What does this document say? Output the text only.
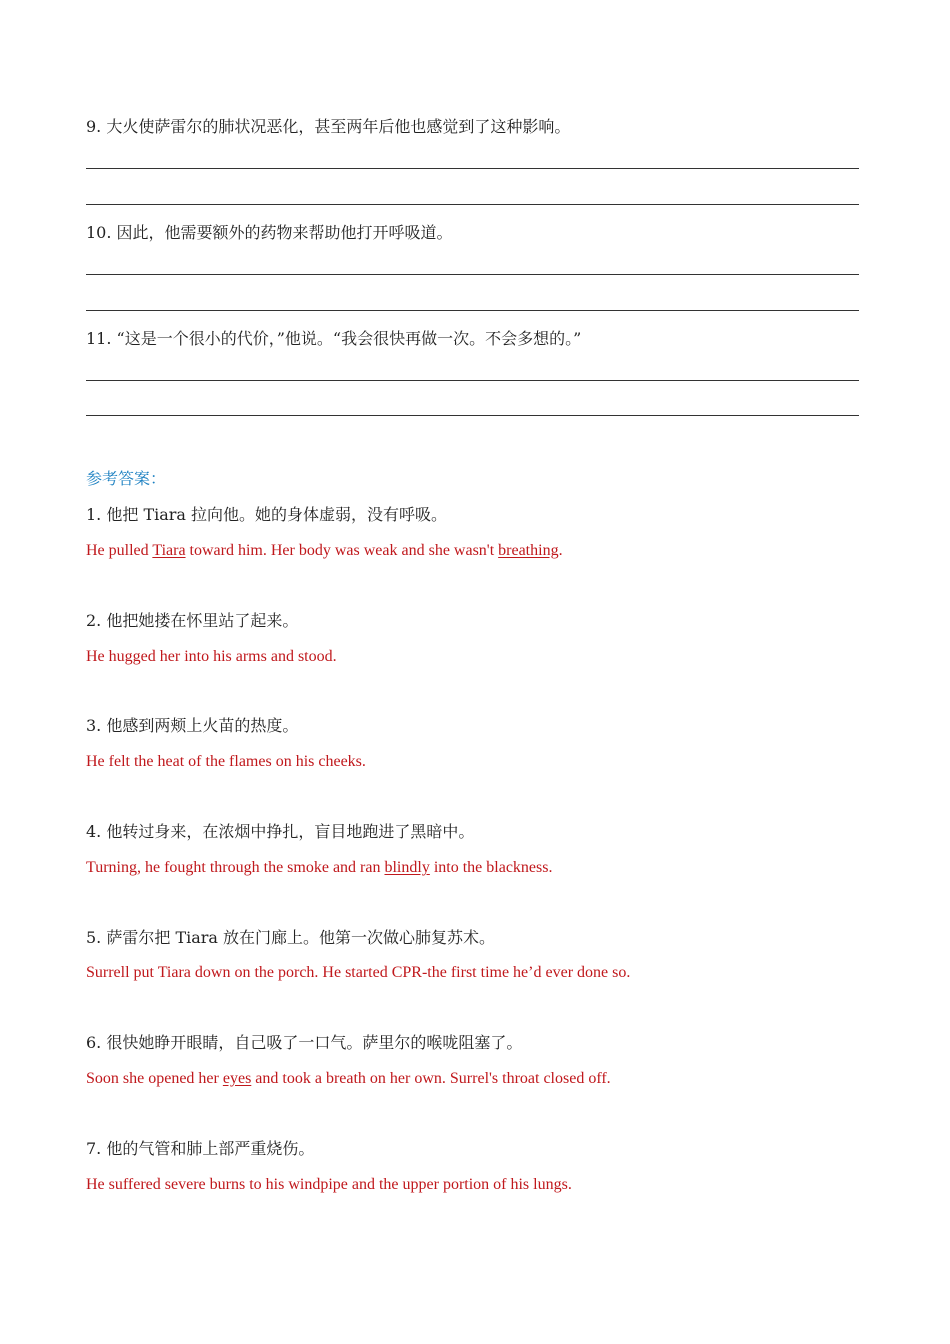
9. 大火使萨雷尔的肺状况恶化，甚至两年后他也感觉到了这种影响。
10. 因此，他需要额外的药物来帮助他打开呼吸道。
11. “这是一个很小的代价，”他说。“我会很快再做一次。不会多想的。”
参考答案：
1. 他把 Tiara 拉向他。她的身体虚弱，没有呼吸。
He pulled Tiara toward him. Her body was weak and she wasn't breathing.
2. 他把她搂在怀里站了起来。
He hugged her into his arms and stood.
3. 他感到两颊上火苗的热度。
He felt the heat of the flames on his cheeks.
4. 他转过身来，在浓烟中挣扎，盲目地跑进了黑暗中。
Turning, he fought through the smoke and ran blindly into the blackness.
5. 萨雷尔把 Tiara 放在门廊上。他第一次做心肺复苏术。
Surrell put Tiara down on the porch. He started CPR-the first time he’d ever done so.
6. 很快她睁开眼睛，自己吸了一口气。萨里尔的喉咙阻塞了。
Soon she opened her eyes and took a breath on her own. Surrel's throat closed off.
7. 他的气管和肺上部严重烧伤。
He suffered severe burns to his windpipe and the upper portion of his lungs.
